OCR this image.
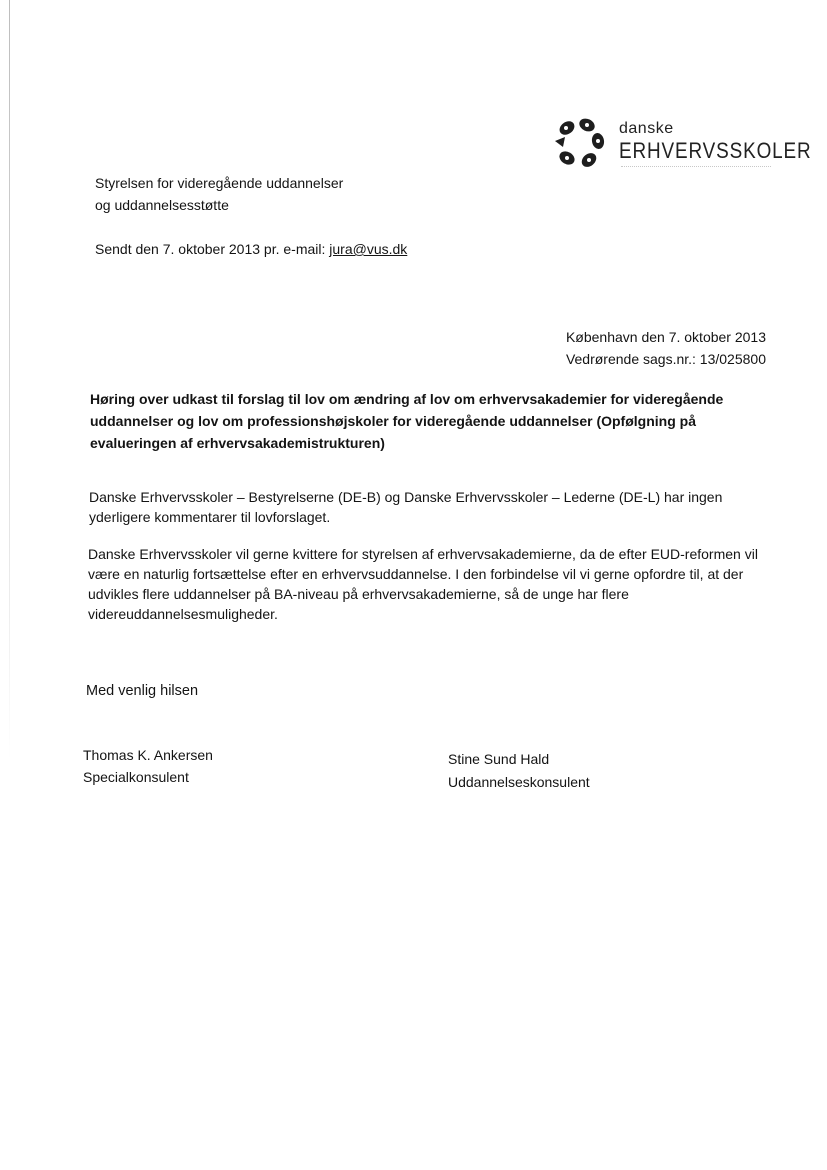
danske
ERHVERVSSKOLER
Styrelsen for videregående uddannelser
og uddannelsesstøtte
Sendt den 7. oktober 2013 pr. e-mail: jura@vus.dk
København den 7. oktober 2013
Vedrørende sags.nr.: 13/025800
Høring over udkast til forslag til lov om ændring af lov om erhvervsakademier for videregående uddannelser og lov om professionshøjskoler for videregående uddannelser (Opfølgning på evalueringen af erhvervsakademistrukturen)
Danske Erhvervsskoler – Bestyrelserne (DE-B) og Danske Erhvervsskoler – Lederne (DE-L) har ingen yderligere kommentarer til lovforslaget.
Danske Erhvervsskoler vil gerne kvittere for styrelsen af erhvervsakademierne, da de efter EUD-reformen vil være en naturlig fortsættelse efter en erhvervsuddannelse. I den forbindelse vil vi gerne opfordre til, at der udvikles flere uddannelser på BA-niveau på erhvervsakademierne, så de unge har flere videreuddannelsesmuligheder.
Med venlig hilsen
Thomas K. Ankersen
Specialkonsulent
Stine Sund Hald
Uddannelseskonsulent
